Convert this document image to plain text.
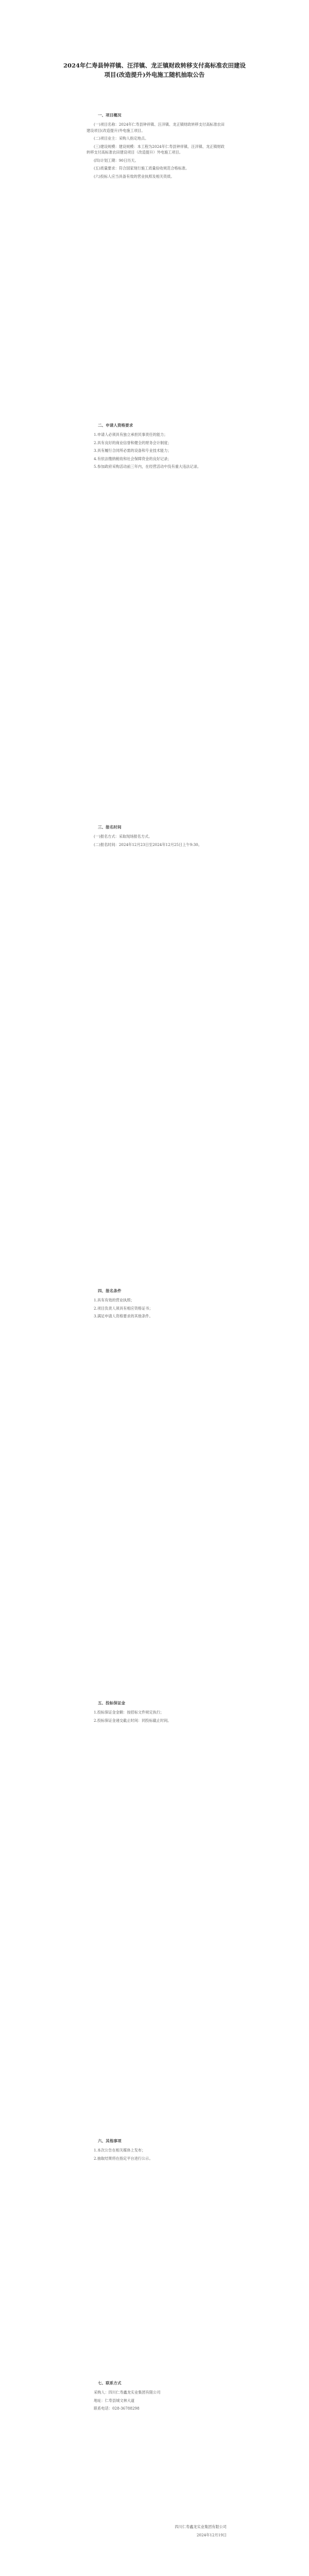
2024年仁寿县钟祥镇、汪洋镇、龙正镇财政转移支付高标准农田建设项目(改造提升)外电施工随机抽取公告
一、项目概况

(一)项目名称：2024年仁寿县钟祥镇、汪洋镇、龙正镇财政转移支付高标准农田建设项目(改造提升)外电施工项目。

(二)项目业主：采购人指定地点。

(三)建设规模：建设规模：本工程为2024年仁寿县钟祥镇、汪洋镇、龙正镇财政转移支付高标准农田建设项目（改造提升）外电施工项目。

(四)计划工期：90日历天。

(五)质量要求：符合国家现行施工质量验收规范合格标准。

(六)投标人应当具备有效的营业执照及相关资质。

二、申请人资格要求

1.申请人必须具有独立承担民事责任的能力；

2.具有良好的商业信誉和健全的财务会计制度；

3.具有履行合同所必需的设备和专业技术能力；

4.有依法缴纳税收和社会保障资金的良好记录；

5.参加政府采购活动前三年内，在经营活动中没有重大违法记录。

三、报名时间

(一)报名方式：采取现场报名方式。

(二)报名时间：2024年12月23日至2024年12月25日上午9:30。

四、报名条件

1.具有有效的营业执照；

2.项目负责人须具有相应资格证书；

3.满足申请人资格要求的其他条件。

五、投标保证金

1.投标保证金金额：按招标文件规定执行；

2.投标保证金递交截止时间：同投标截止时间。

六、其他事项

1.本次公告在相关媒体上发布；

2.抽取结果将在指定平台进行公示。

七、联系方式

采购人：四川仁寿鑫龙实业集团有限公司

地址：仁寿县城文林大道

联系电话：028-36788298

四川仁寿鑫龙实业集团有限公司
2024年12月19日
